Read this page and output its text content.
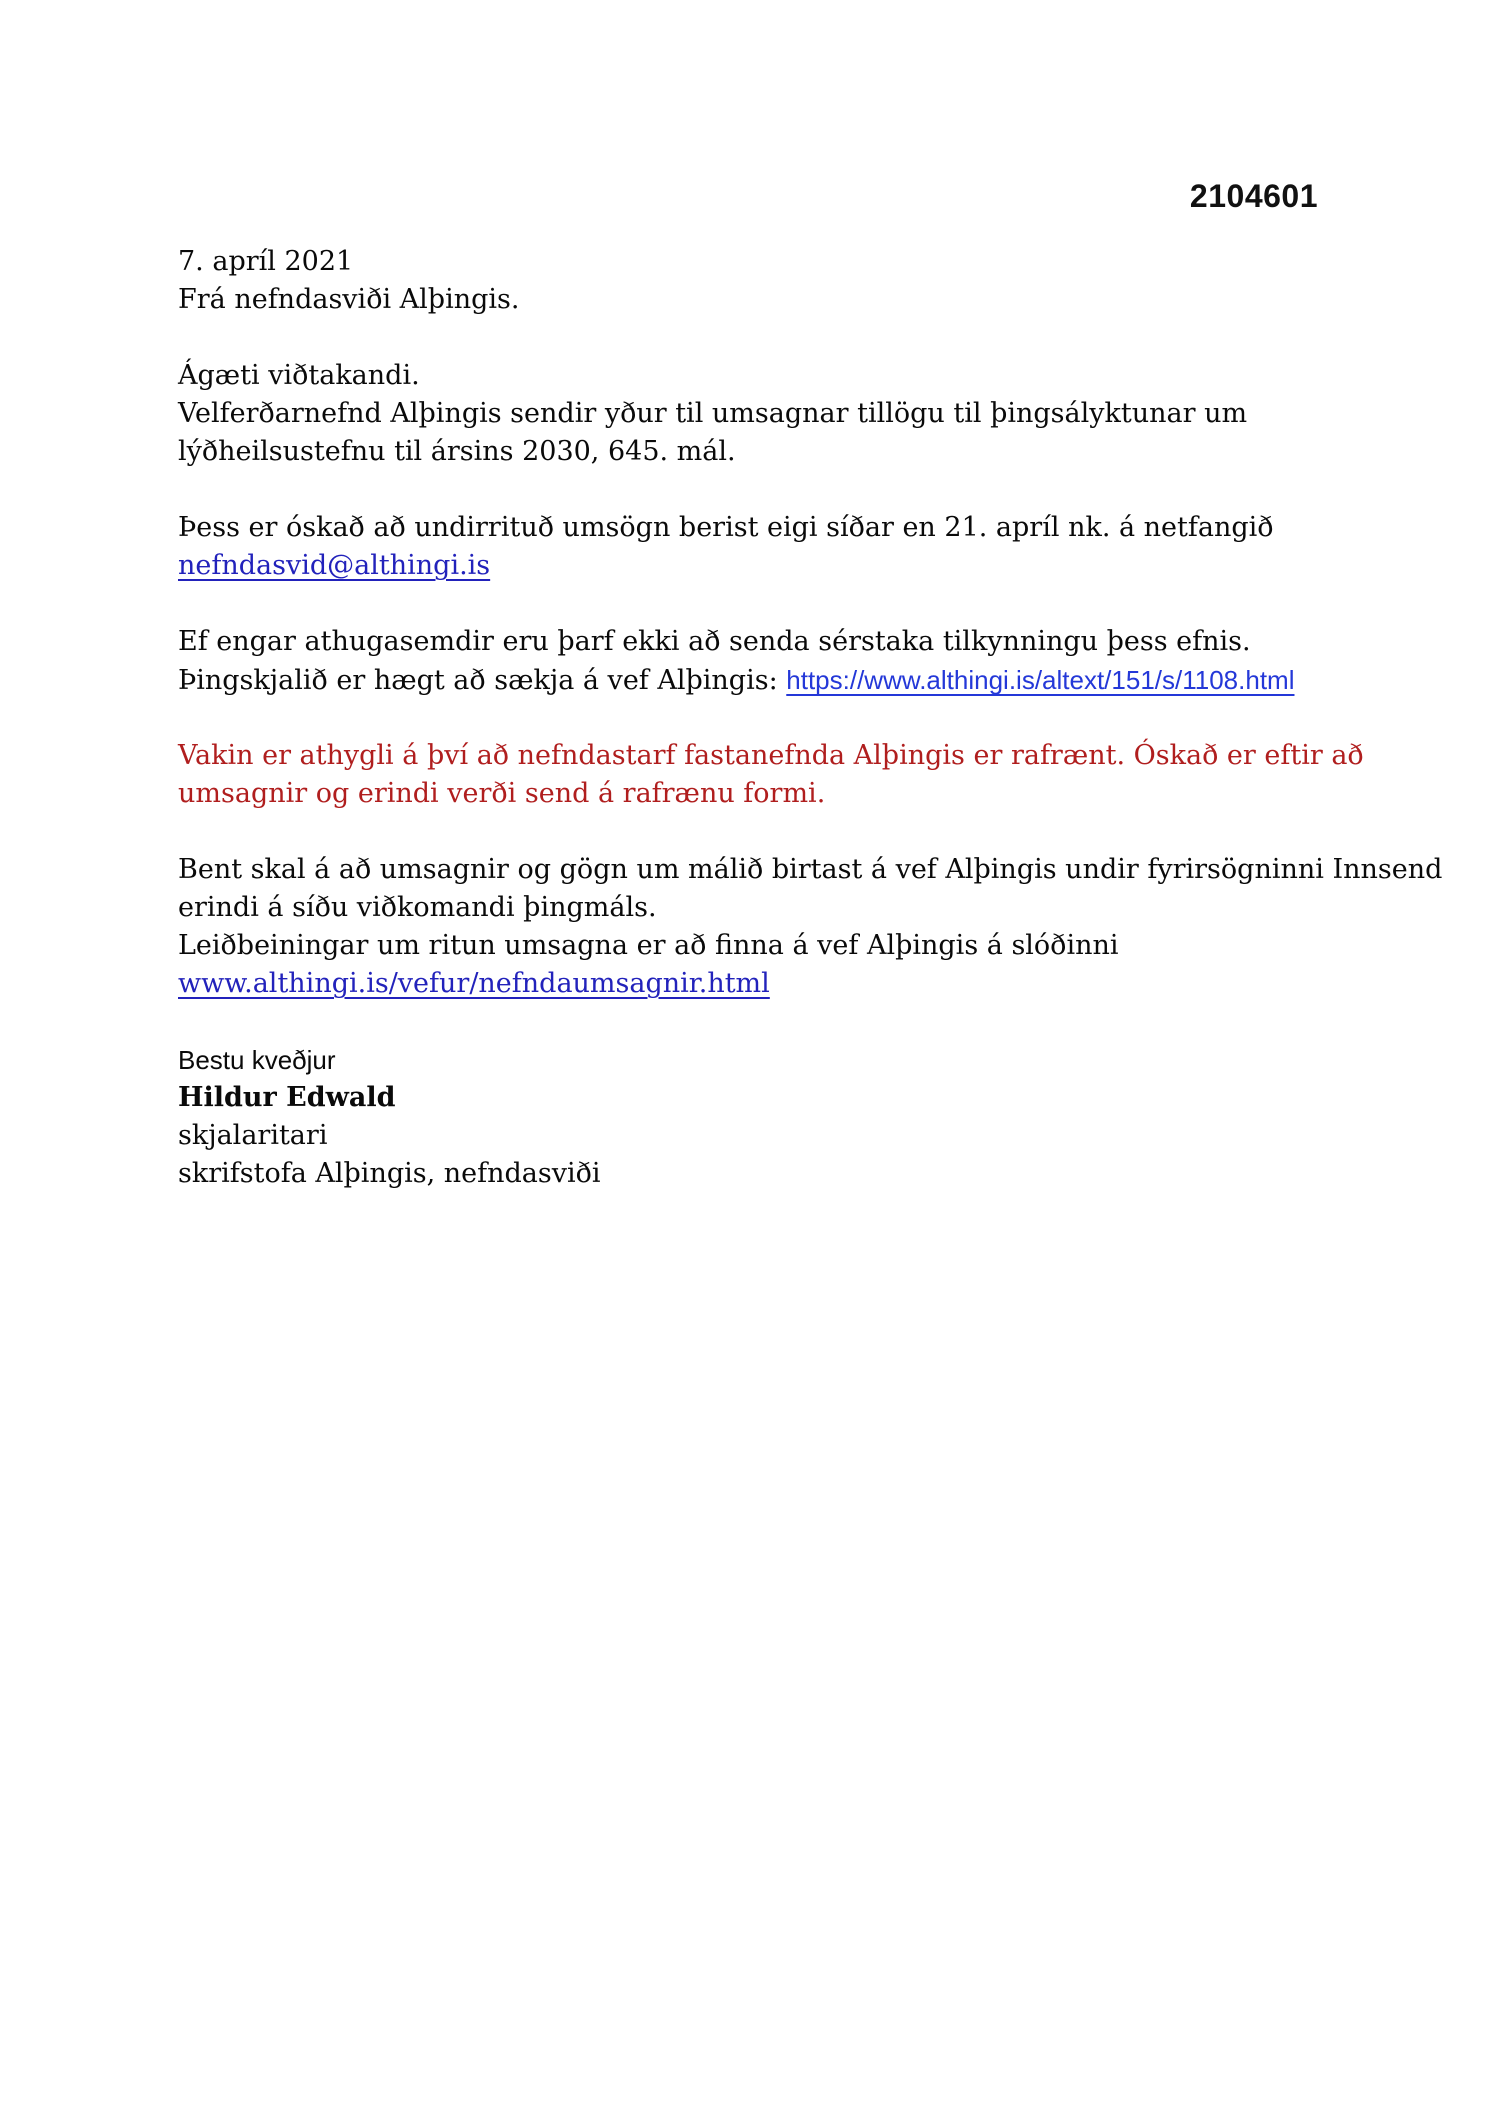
2104601
7. apríl 2021
Frá nefndasviði Alþingis.
Ágæti viðtakandi.
Velferðarnefnd Alþingis sendir yður til umsagnar tillögu til þingsályktunar um
lýðheilsustefnu til ársins 2030, 645. mál.
Þess er óskað að undirrituð umsögn berist eigi síðar en 21. apríl nk. á netfangið
nefndasvid@althingi.is
Ef engar athugasemdir eru þarf ekki að senda sérstaka tilkynningu þess efnis.
Þingskjalið er hægt að sækja á vef Alþingis: https://www.althingi.is/altext/151/s/1108.html
Vakin er athygli á því að nefndastarf fastanefnda Alþingis er rafrænt. Óskað er eftir að
umsagnir og erindi verði send á rafrænu formi.
Bent skal á að umsagnir og gögn um málið birtast á vef Alþingis undir fyrirsögninni Innsend
erindi á síðu viðkomandi þingmáls.
Leiðbeiningar um ritun umsagna er að finna á vef Alþingis á slóðinni
www.althingi.is/vefur/nefndaumsagnir.html
Bestu kveðjur
Hildur Edwald
skjalaritari
skrifstofa Alþingis, nefndasviði
